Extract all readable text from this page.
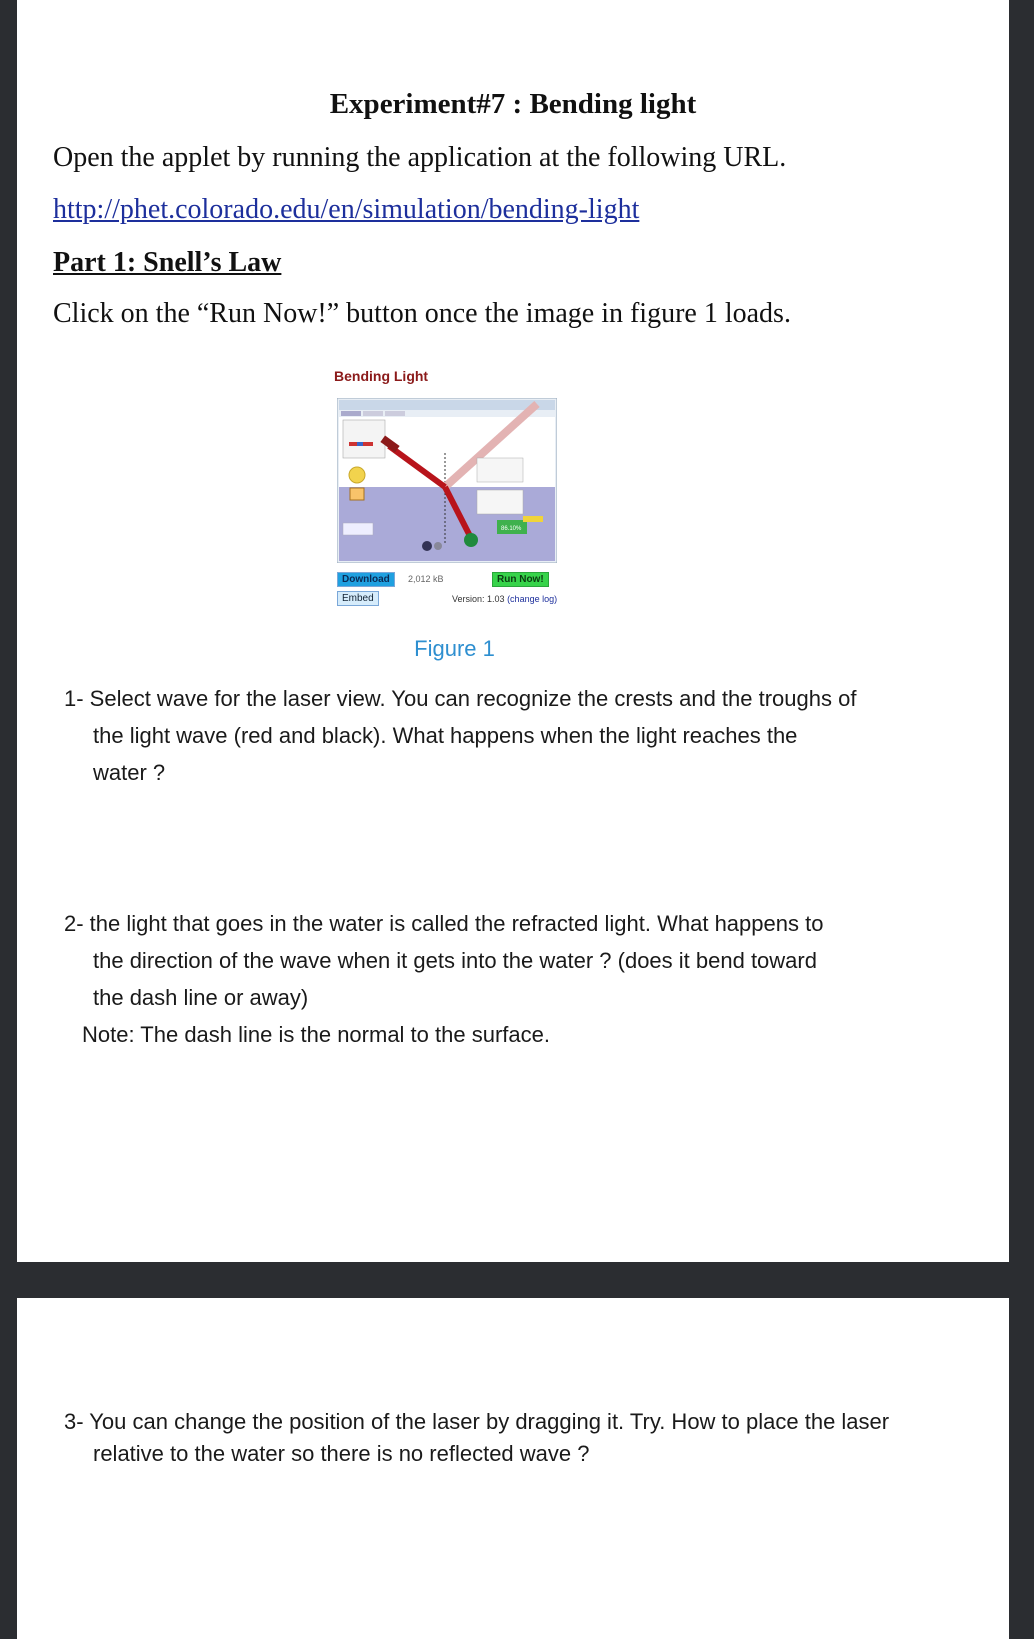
Experiment#7 : Bending light
Open the applet by running the application at the following URL.
http://phet.colorado.edu/en/simulation/bending-light
Part 1: Snell’s Law
Click on the “Run Now!” button once the image in figure 1 loads.
Bending Light
86.10%
Download	2,012 kB	Run Now!
Embed	Version: 1.03 (change log)
Figure 1
1- Select wave for the laser view. You can recognize the crests and the troughs of
the light wave (red and black). What happens when the light reaches the
water ?
2- the light that goes in the water is called the refracted light. What happens to
the direction of the wave when it gets into the water ? (does it bend toward
the dash line or away)
Note: The dash line is the normal to the surface.
3- You can change the position of the laser by dragging it. Try. How to place the laser
relative to the water so there is no reflected wave ?
